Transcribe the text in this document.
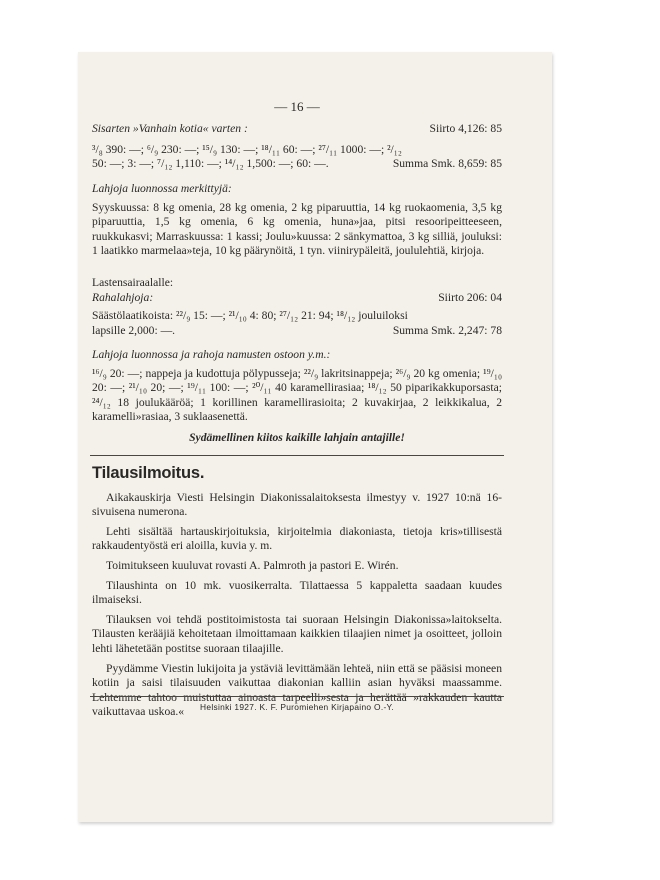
— 16 —
Sisarten »Vanhain kotia« varten :	Siirto 4,126: 85
³/₈ 390: —; ⁶/₉ 230: —; ¹⁵/₉ 130: —; ¹⁸/₁₁ 60: —; ²⁷/₁₁ 1000: —; ²/₁₂
50: —; 3: —; ⁷/₁₂ 1,110: —; ¹⁴/₁₂ 1,500: —; 60: —.	Summa Smk. 8,659: 85
Lahjoja luonnossa merkittyjä:
Syyskuussa: 8 kg omenia, 28 kg omenia, 2 kg piparuuttia, 14 kg ruokaomenia, 3,5 kg piparuuttia, 1,5 kg omenia, 6 kg omenia, huna»jaa, pitsi resooripeitteeseen, ruukkukasvi; Marraskuussa: 1 kassi; Joulu»kuussa: 2 sänkymattoa, 3 kg silliä, jouluksi: 1 laatikko marmelaa»teja, 10 kg päärynöitä, 1 tyn. viinirypäleitä, joululehtiä, kirjoja.
Lastensairaalalle:
Rahalahjoja:	Siirto 206: 04
Säästölaatikoista: ²²/₉ 15: —; ²¹/₁₀ 4: 80; ²⁷/₁₂ 21: 94; ¹⁸/₁₂ jouluiloksi
lapsille 2,000: —.	Summa Smk. 2,247: 78
Lahjoja luonnossa ja rahoja namusten ostoon y.m.:
¹⁶/₉ 20: —; nappeja ja kudottuja pölypusseja; ²²/₉ lakritsinappeja; ²⁶/₉ 20 kg omenia; ¹⁹/₁₀ 20: —; ²¹/₁₀ 20; —; ¹⁹/₁₁ 100: —; ²⁰/₁₁ 40 karamellirasiaa; ¹⁸/₁₂ 50 piparikakkuporsasta; ²⁴/₁₂ 18 joulukääröä; 1 korillinen karamellirasioita; 2 kuvakirjaa, 2 leikkikalua, 2 karamelli»rasiaa, 3 suklaasenettä.
Sydämellinen kiitos kaikille lahjain antajille!
Tilausilmoitus.

Aikakauskirja Viesti Helsingin Diakonissalaitoksesta ilmestyy v. 1927 10:nä 16-sivuisena numerona.

Lehti sisältää hartauskirjoituksia, kirjoitelmia diakoniasta, tietoja kris»tillisestä rakkaudentyöstä eri aloilla, kuvia y. m.

Toimitukseen kuuluvat rovasti A. Palmroth ja pastori E. Wirén.

Tilaushinta on 10 mk. vuosikerralta. Tilattaessa 5 kappaletta saadaan kuudes ilmaiseksi.

Tilauksen voi tehdä postitoimistosta tai suoraan Helsingin Diakonissa»laitokselta. Tilausten kerääjiä kehoitetaan ilmoittamaan kaikkien tilaajien nimet ja osoitteet, jolloin lehti lähetetään postitse suoraan tilaajille.

Pyydämme Viestin lukijoita ja ystäviä levittämään lehteä, niin että se pääsisi moneen kotiin ja saisi tilaisuuden vaikuttaa diakonian kalliin asian hyväksi maassamme. Lehtemme tahtoo muistuttaa ainoasta tarpeelli»sesta ja herättää »rakkauden kautta vaikuttavaa uskoa.«	Helsinki 1927. K. F. Puromiehen Kirjapaino O.-Y.
